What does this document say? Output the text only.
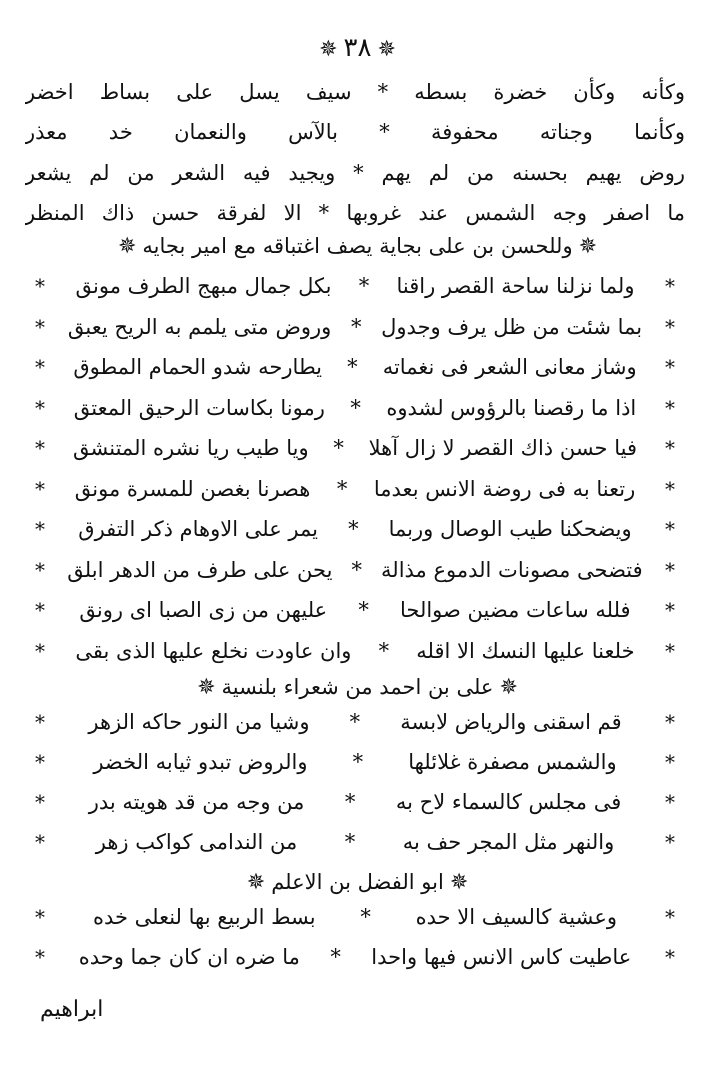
✵ ٣٨ ✵
وكأنه وكأن خضرة بسطه * سيف يسل على بساط اخضر
وكأنما وجناته محفوفة * بالآس والنعمان خد معذر
روض يهيم بحسنه من لم يهم * ويجيد فيه الشعر من لم يشعر
ما اصفر وجه الشمس عند غروبها * الا لفرقة حسن ذاك المنظر
✵وللحسن بن على بجاية يصف اغتباقه مع امير بجايه✵
*
ولما نزلنا ساحة القصر راقنا
*
بكل جمال مبهج الطرف مونق
*
*
بما شئت من ظل يرف وجدول
*
وروض متى يلمم به الريح يعبق
*
*
وشاز معانى الشعر فى نغماته
*
يطارحه شدو الحمام المطوق
*
*
اذا ما رقصنا بالرؤوس لشدوه
*
رمونا بكاسات الرحيق المعتق
*
*
فيا حسن ذاك القصر لا زال آهلا
*
ويا طيب ريا نشره المتنشق
*
*
رتعنا به فى روضة الانس بعدما
*
هصرنا بغصن للمسرة مونق
*
*
ويضحكنا طيب الوصال وربما
*
يمر على الاوهام ذكر التفرق
*
*
فتضحى مصونات الدموع مذالة
*
يحن على طرف من الدهر ابلق
*
*
فلله ساعات مضين صوالحا
*
عليهن من زى الصبا اى رونق
*
*
خلعنا عليها النسك الا اقله
*
وان عاودت نخلع عليها الذى بقى
*
✵على بن احمد من شعراء بلنسية✵
*
قم اسقنى والرياض لابسة
*
وشيا من النور حاكه الزهر
*
*
والشمس مصفرة غلائلها
*
والروض تبدو ثيابه الخضر
*
*
فى مجلس كالسماء لاح به
*
من وجه من قد هويته بدر
*
*
والنهر مثل المجر حف به
*
من الندامى كواكب زهر
*
✵ابو الفضل بن الاعلم✵
*
وعشية كالسيف الا حده
*
بسط الربيع بها لنعلى خده
*
*
عاطيت كاس الانس فيها واحدا
*
ما ضره ان كان جما وحده
*
ابراهيم
